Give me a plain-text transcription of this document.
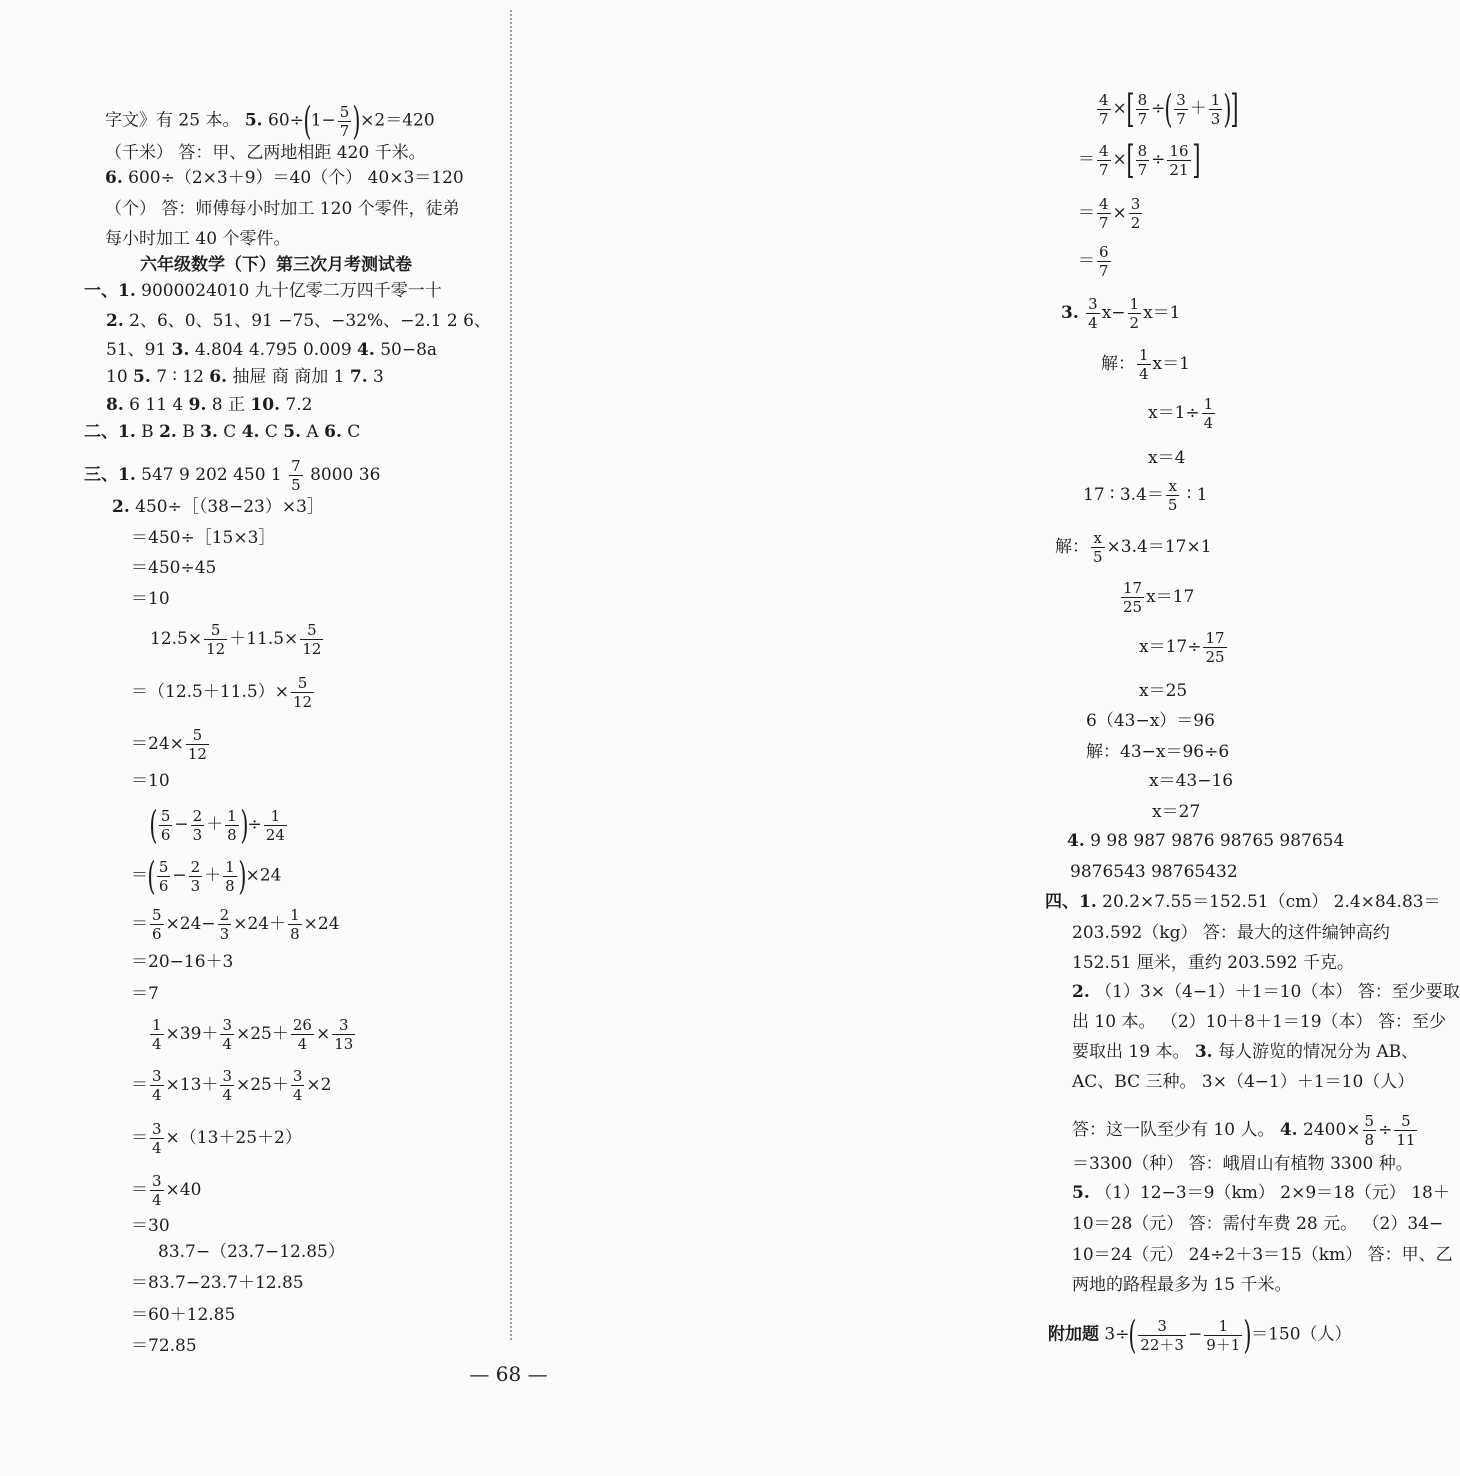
字文》有 25 本。 5. $60\div(1- \frac{5}{7} )\times 2=420$
（千米） 答：甲、乙两地相距 420 千米。
6. 600÷（2×3＋9）＝40（个） 40×3＝120
（个） 答：师傅每小时加工 120 个零件，徒弟
每小时加工 40 个零件。
六年级数学（下）第三次月考测试卷
一、1. 9000024010 九十亿零二万四千零一十
2. 2、6、0、51、91 −75、−32%、−2.1 2 6、
51、91 3. 4.804 4.795 0.009 4. 50−8a
10 5. 7 ∶ 12 6. 抽屉 商 商加 1 7. 3
8. 6 11 4 9. 8 正 10. 7.2
二、1. B 2. B 3. C 4. C 5. A 6. C
三、1. 547 9 202 450 $1 \frac{7}{5} 8000$ 36
2. 450÷［（38−23）×3］
＝450÷［15×3］
＝450÷45
＝10
$12.5\times \frac{5}{12} +11.5\times \frac{5}{12}$
$=(12.5+11.5)\times \frac{5}{12}$
$=24\times \frac{5}{12}$
＝10
( $\frac{5}{6} - \frac{2}{3} + \frac{1}{8}$ )÷ $\frac{1}{24}$
＝( $\frac{5}{6} - \frac{2}{3} + \frac{1}{8} )\times 24$
＝ $\frac{5}{6} \times 24- \frac{2}{3} \times 24+ \frac{1}{8} \times 24$
＝20−16＋3
＝7
$\frac{1}{4} \times 39+ \frac{3}{4} \times 25+ \frac{26}{4} \times \frac{3}{13}$
＝ $\frac{3}{4} \times 13+ \frac{3}{4} \times 25+ \frac{3}{4} \times 2$
＝ $\frac{3}{4} \times(13+25+2)$
＝ $\frac{3}{4} \times 40$
＝30
83.7−（23.7−12.85）
＝83.7−23.7＋12.85
＝60＋12.85
＝72.85
$\frac{4}{7}$ ×[ $\frac{8}{7}$ ÷( $\frac{3}{7} + \frac{1}{3}$ )]
＝ $\frac{4}{7}$ ×[ $\frac{8}{7} \div \frac{16}{21}$ ]
＝ $\frac{4}{7} \times \frac{3}{2}$
＝ $\frac{6}{7}$
3. $\frac{3}{4} x- \frac{1}{2} x=1$
解： $\frac{1}{4} x=1$
$x=1\div \frac{1}{4}$
x＝4
17 ∶ $3.4= \frac{x}{5}$ ∶ 1
解： $\frac{x}{5} \times 3.4=17\times 1$
$\frac{17}{25} x=17$
$x=17\div \frac{17}{25}$
x＝25
6（43−x）＝96
解：43−x＝96÷6
x＝43−16
x＝27
4. 9 98 987 9876 98765 987654
9876543 98765432
四、1. 20.2×7.55＝152.51（cm） 2.4×84.83＝
203.592（kg） 答：最大的这件编钟高约
152.51 厘米，重约 203.592 千克。
2. （1）3×（4−1）＋1＝10（本） 答：至少要取
出 10 本。 （2）10＋8＋1＝19（本） 答：至少
要取出 19 本。 3. 每人游览的情况分为 AB、
AC、BC 三种。 3×（4−1）＋1＝10（人）
答：这一队至少有 10 人。 4. $2400\times \frac{5}{8} \div \frac{5}{11}$
＝3300（种） 答：峨眉山有植物 3300 种。
5. （1）12−3＝9（km） 2×9＝18（元） 18＋
10＝28（元） 答：需付车费 28 元。 （2）34−
10＝24（元） 24÷2＋3＝15（km） 答：甲、乙
两地的路程最多为 15 千米。
附加题 $3\div( \frac{3}{22+3} - \frac{1}{9+1} )=150$（人）
— 68 —
